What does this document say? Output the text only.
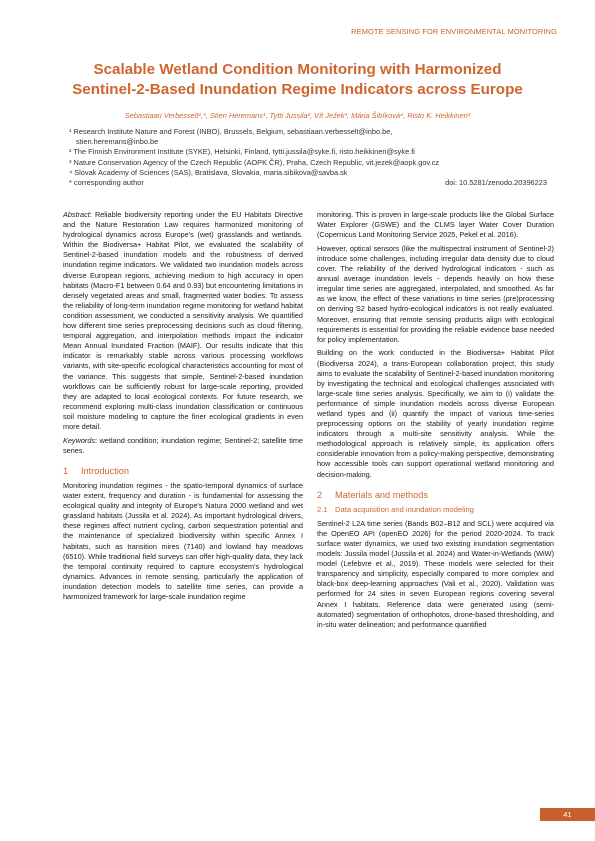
REMOTE SENSING FOR ENVIRONMENTAL MONITORING
Scalable Wetland Condition Monitoring with Harmonized
Sentinel-2-Based Inundation Regime Indicators across Europe
Sebastiaan Verbesselt¹,*, Stien Heremans¹, Tytti Jussila², Vít Ježek³, Mária Šibíková⁴, Risto K. Heikkinen²
¹ Research Institute Nature and Forest (INBO), Brussels, Belgium, sebastiaan.verbesselt@inbo.be,
stien.heremans@inbo.be
² The Finnish Environment Institute (SYKE), Helsinki, Finland, tytti.jussila@syke.fi, risto.heikkinen@syke.fi
³ Nature Conservation Agency of the Czech Republic (AOPK ČR), Praha, Czech Republic, vit.jezek@aopk.gov.cz
⁴ Slovak Academy of Sciences (SAS), Bratislava, Slovakia, maria.sibikova@savba.sk
* corresponding author	doi: 10.5281/zenodo.20396223

Abstract: Reliable biodiversity reporting under the EU Habitats Directive and the Nature Restoration Law requires harmonized monitoring of hydrological dynamics across Europe's (wet) grasslands and wetlands. Within the Biodiversa+ Habitat Pilot, we evaluated the scalability of Sentinel-2-based inundation models and the robustness of derived inundation regime indicators. We validated two inundation models across diverse European regions, achieving medium to high accuracy in open habitats (Macro-F1 between 0.64 and 0.93) but encountering limitations in densely vegetated areas and small, fragmented water bodies. To assess the reliability of long-term inundation regime monitoring for wetland habitat condition assessment, we conducted a sensitivity analysis. We quantified how different time series preprocessing decisions such as cloud filtering, temporal aggregation, and interpolation methods impact the indicator Mean Annual Inundated Fraction (MAIF). Our results indicate that this indicator is remarkably stable across various processing workflows variants, with site-specific ecological characteristics accounting for most of the variance. This suggests that simple, Sentinel-2-based inundation workflows can be sufficiently robust for large-scale reporting, provided they are adapted to local ecological contexts. For future research, we recommend exploring multi-class inundation classification or continuous soil moisture modeling to capture the finer ecological gradients in even more detail.

Keywords: wetland condition; inundation regime; Sentinel-2; satellite time series.

1 Introduction

Monitoring inundation regimes - the spatio-temporal dynamics of surface water extent, frequency and duration - is fundamental for assessing the ecological quality and integrity of Europe's Natura 2000 wetland and wet grassland habitats (Jussila et al. 2024). As important hydrological drivers, these regimes affect nutrient cycling, carbon sequestration potential and the maintenance of specialized biodiversity within specific Annex I habitats, such as transition mires (7140) and lowland hay meadows (6510). While traditional field surveys can offer high-quality data, they lack the temporal continuity required to capture ecosystem's hydrological dynamics. Advances in remote sensing, particularly the application of inundation detection models to satellite time series, can provide a harmonized framework for large-scale inundation regime

monitoring. This is proven in large-scale products like the Global Surface Water Explorer (GSWE) and the CLMS layer Water Cover Duration (Copernicus Land Monitoring Service 2025, Pekel et al. 2016).

However, optical sensors (like the multispectral instrument of Sentinel-2) introduce some challenges, including irregular data density due to cloud cover. The reliability of the derived hydrological indicators - such as annual average inundation levels - depends heavily on how these irregular time series are aggregated, interpolated, and smoothed. As far as we know, the effect of these variations in time series (pre)processing on deriving S2 based hydro-ecological indicators is not really evaluated. Moreover, ensuring that remote sensing products align with ecological requirements is essential for providing the reliable evidence base needed for policy implementation.

Building on the work conducted in the Biodiversa+ Habitat Pilot (Biodiversa 2024), a trans-European collaboration project, this study aims to evaluate the scalability of Sentinel-2-based inundation monitoring by investigating the technical and ecological challenges associated with large-scale time series analysis. Specifically, we aim to (i) validate the performance of simple inundation models across diverse European wetland types and (ii) quantify the impact of various time-series preprocessing options on the stability of yearly inundation regime indicators through a multi-site sensitivity analysis. While the methodological approach is relatively simple, its application offers considerable innovation from a policy-making perspective, demonstrating how accessible tools can support operational wetland monitoring and decision-making.

2 Materials and methods
2.1 Data acquisition and inundation modeling

Sentinel-2 L2A time series (Bands B02–B12 and SCL) were acquired via the OpenEO API (openEO 2026) for the period 2020-2024. To track surface water dynamics, we used two existing inundation segmentation models: Jussila model (Jussila et al. 2024) and Water-in-Wetlands (WiW) model (Lefebvre et al., 2019). These models were selected for their transparency and simplicity, especially compared to more complex and black-box deep-learning approaches (Vali et al., 2020). Validation was performed for 24 sites in seven European regions covering several Annex I habitats. Reference data were generated using (semi-automated) segmentation of orthophotos, drone-based thresholding, and in-situ water delineation; and performance quantified

41
